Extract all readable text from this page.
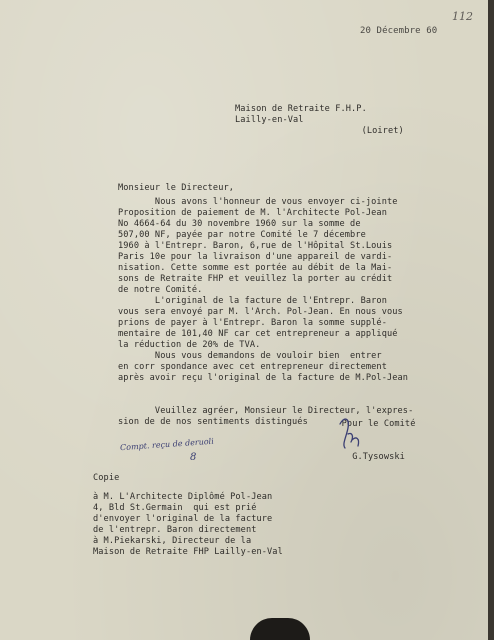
20 Décembre 60
112
Maison de Retraite F.H.P.
Lailly-en-Val
(Loiret)
Monsieur le Directeur,
Nous avons l'honneur de vous envoyer ci-jointe
Proposition de paiement de M. l'Architecte Pol-Jean
No 4664-64 du 30 novembre 1960 sur la somme de
507,00 NF, payée par notre Comité le 7 décembre
1960 à l'Entrepr. Baron, 6,rue de l'Hôpital St.Louis
Paris 10e pour la livraison d'une appareil de vardi-
nisation. Cette somme est portée au débit de la Mai-
sons de Retraite FHP et veuillez la porter au crédit
de notre Comité.
L'original de la facture de l'Entrepr. Baron
vous sera envoyé par M. l'Arch. Pol-Jean. En nous vous
prions de payer à l'Entrepr. Baron la somme supplé-
mentaire de 101,40 NF car cet entrepreneur a appliqué
la réduction de 20% de TVA.
Nous vous demandons de vouloir bien  entrer
en corr spondance avec cet entrepreneur directement
après avoir reçu l'original de la facture de M.Pol-Jean
Veuillez agréer, Monsieur le Directeur, l'expres-
sion de de nos sentiments distingués	Pour le Comité

G.Tysowski
Compt. reçu de deruoli
8
Copie
à M. L'Architecte Diplômé Pol-Jean
4, Bld St.Germain  qui est prié
d'envoyer l'original de la facture
de l'entrepr. Baron directement
à M.Piekarski, Directeur de la
Maison de Retraite FHP Lailly-en-Val
